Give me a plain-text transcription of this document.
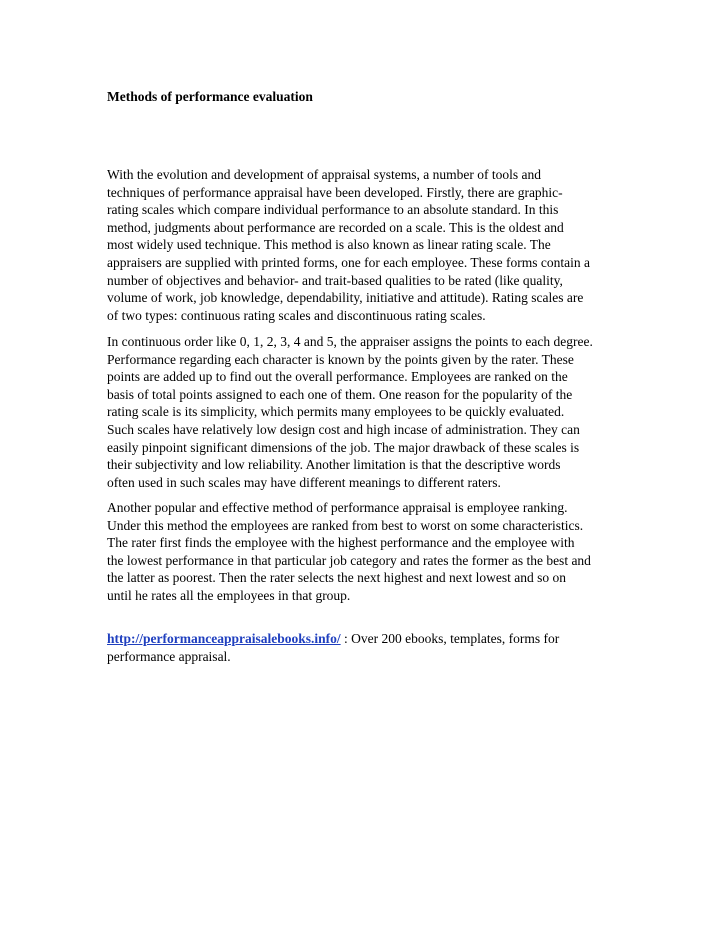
Methods of performance evaluation

With the evolution and development of appraisal systems, a number of tools and
techniques of performance appraisal have been developed. Firstly, there are graphic-
rating scales which compare individual performance to an absolute standard. In this
method, judgments about performance are recorded on a scale. This is the oldest and
most widely used technique. This method is also known as linear rating scale. The
appraisers are supplied with printed forms, one for each employee. These forms contain a
number of objectives and behavior- and trait-based qualities to be rated (like quality,
volume of work, job knowledge, dependability, initiative and attitude). Rating scales are
of two types: continuous rating scales and discontinuous rating scales.

In continuous order like 0, 1, 2, 3, 4 and 5, the appraiser assigns the points to each degree.
Performance regarding each character is known by the points given by the rater. These
points are added up to find out the overall performance. Employees are ranked on the
basis of total points assigned to each one of them. One reason for the popularity of the
rating scale is its simplicity, which permits many employees to be quickly evaluated.
Such scales have relatively low design cost and high incase of administration. They can
easily pinpoint significant dimensions of the job. The major drawback of these scales is
their subjectivity and low reliability. Another limitation is that the descriptive words
often used in such scales may have different meanings to different raters.

Another popular and effective method of performance appraisal is employee ranking.
Under this method the employees are ranked from best to worst on some characteristics.
The rater first finds the employee with the highest performance and the employee with
the lowest performance in that particular job category and rates the former as the best and
the latter as poorest. Then the rater selects the next highest and next lowest and so on
until he rates all the employees in that group.

http://performanceappraisalebooks.info/ : Over 200 ebooks, templates, forms for
performance appraisal.
